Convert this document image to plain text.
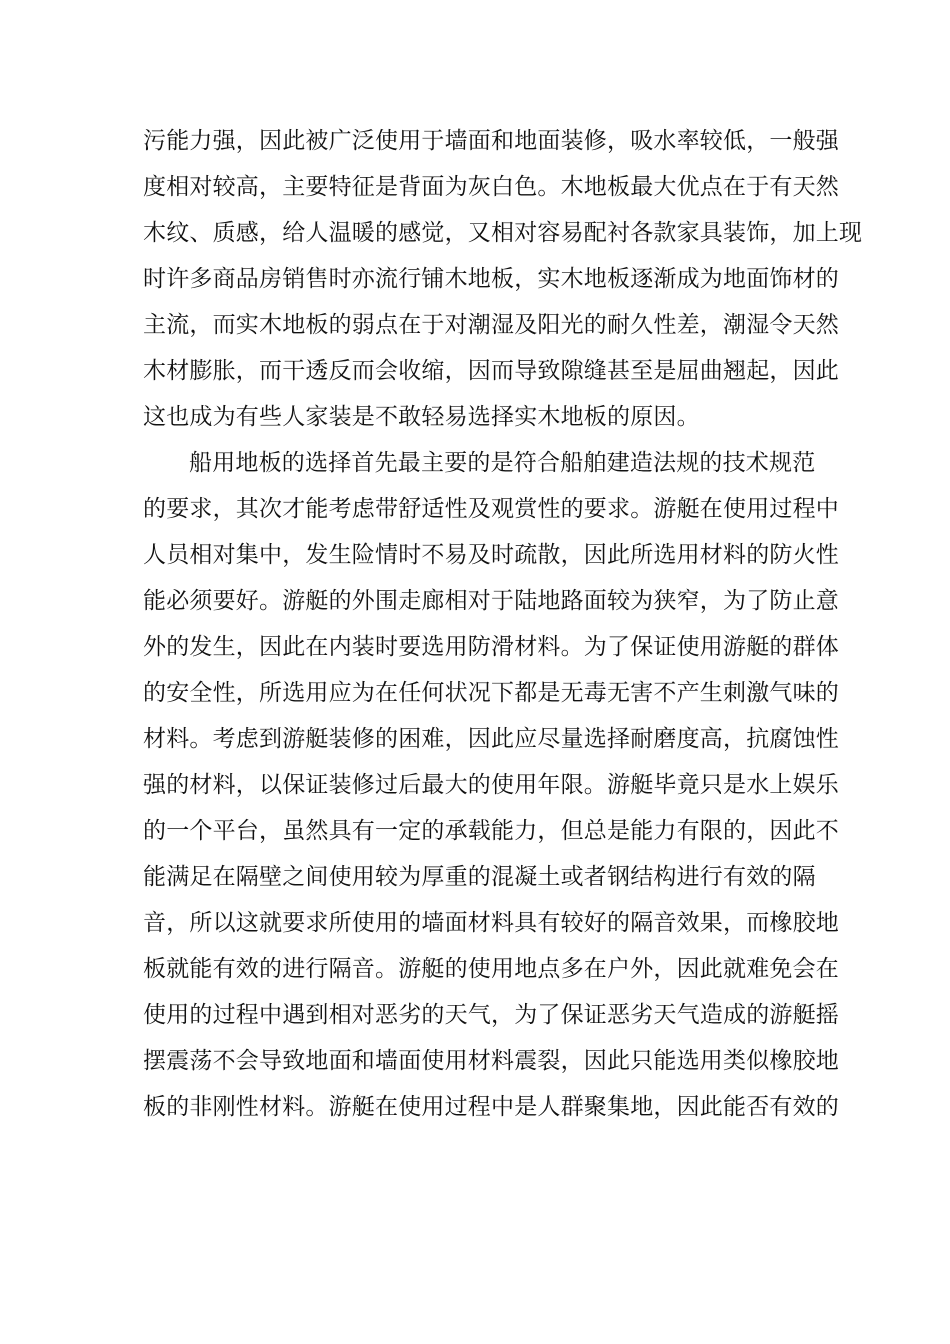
污能力强，因此被广泛使用于墙面和地面装修，吸水率较低，一般强
度相对较高，主要特征是背面为灰白色。木地板最大优点在于有天然
木纹、质感，给人温暖的感觉，又相对容易配衬各款家具装饰，加上现
时许多商品房销售时亦流行铺木地板，实木地板逐渐成为地面饰材的
主流，而实木地板的弱点在于对潮湿及阳光的耐久性差，潮湿令天然
木材膨胀，而干透反而会收缩，因而导致隙缝甚至是屈曲翘起，因此
这也成为有些人家装是不敢轻易选择实木地板的原因。
船用地板的选择首先最主要的是符合船舶建造法规的技术规范
的要求，其次才能考虑带舒适性及观赏性的要求。游艇在使用过程中
人员相对集中，发生险情时不易及时疏散，因此所选用材料的防火性
能必须要好。游艇的外围走廊相对于陆地路面较为狭窄，为了防止意
外的发生，因此在内装时要选用防滑材料。为了保证使用游艇的群体
的安全性，所选用应为在任何状况下都是无毒无害不产生刺激气味的
材料。考虑到游艇装修的困难，因此应尽量选择耐磨度高，抗腐蚀性
强的材料，以保证装修过后最大的使用年限。游艇毕竟只是水上娱乐
的一个平台，虽然具有一定的承载能力，但总是能力有限的，因此不
能满足在隔壁之间使用较为厚重的混凝土或者钢结构进行有效的隔
音，所以这就要求所使用的墙面材料具有较好的隔音效果，而橡胶地
板就能有效的进行隔音。游艇的使用地点多在户外，因此就难免会在
使用的过程中遇到相对恶劣的天气，为了保证恶劣天气造成的游艇摇
摆震荡不会导致地面和墙面使用材料震裂，因此只能选用类似橡胶地
板的非刚性材料。游艇在使用过程中是人群聚集地，因此能否有效的
